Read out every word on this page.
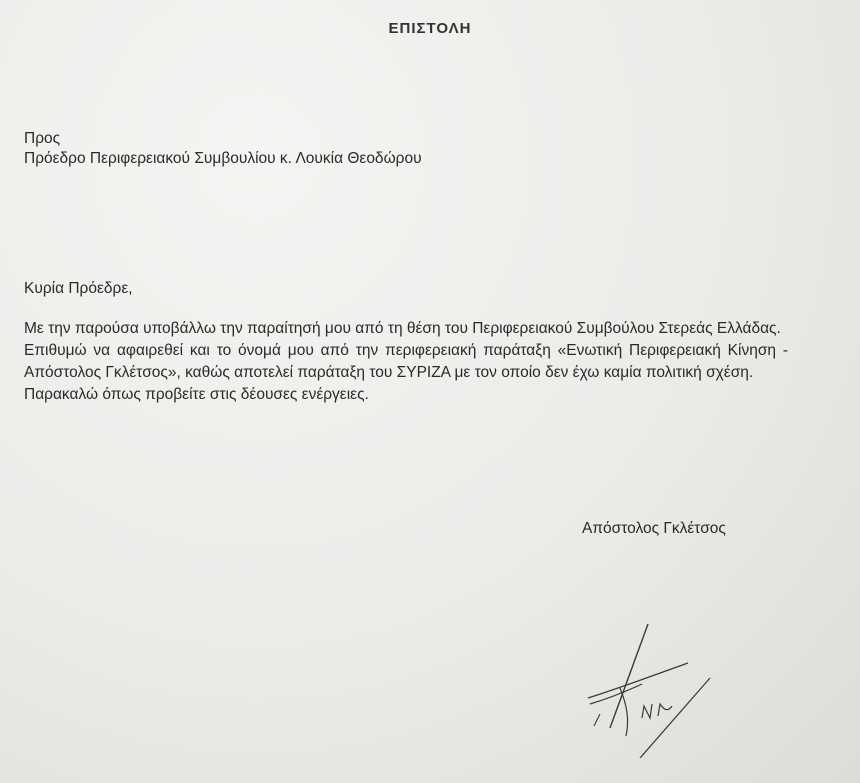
ΕΠΙΣΤΟΛΗ
Προς
Πρόεδρο Περιφερειακού Συμβουλίου κ. Λουκία Θεοδώρου
Κυρία Πρόεδρε,

Με την παρούσα υποβάλλω την παραίτησή μου από τη θέση του Περιφερειακού Συμβούλου Στερεάς Ελλάδας.

Επιθυμώ να αφαιρεθεί και το όνομά μου από την περιφερειακή παράταξη «Ενωτική Περιφερειακή Κίνηση - Απόστολος Γκλέτσος», καθώς αποτελεί παράταξη του ΣΥΡΙΖΑ με τον οποίο δεν έχω καμία πολιτική σχέση.

Παρακαλώ όπως προβείτε στις δέουσες ενέργειες.

Απόστολος Γκλέτσος
